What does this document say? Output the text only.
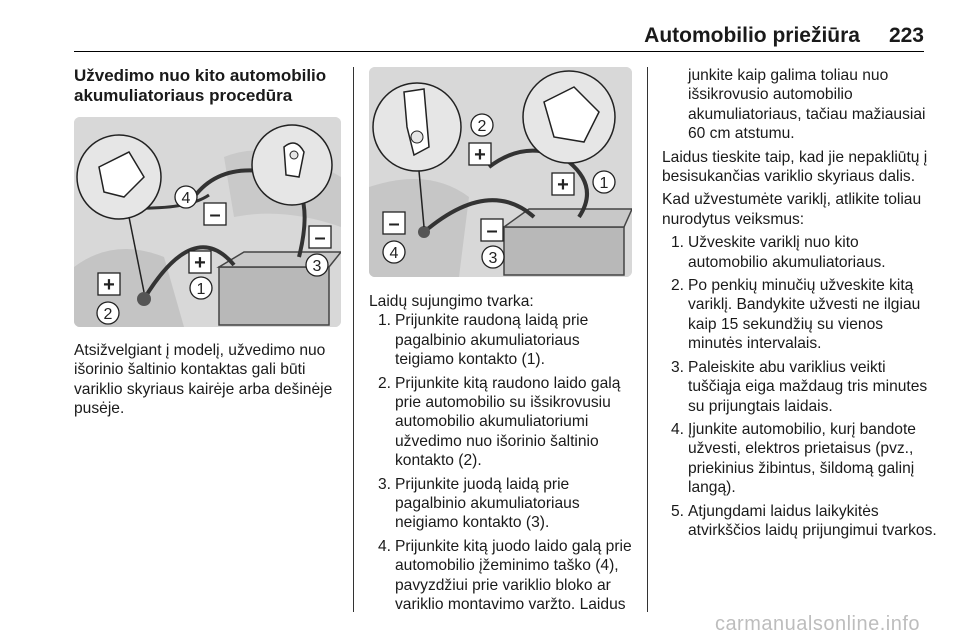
Automobilio priežiūra 223
Užvedimo nuo kito automobilio akumuliatoriaus procedūra
4
2
1
3
–
+
+
–

Atsižvelgiant į modelį, užvedimo nuo išorinio šaltinio kontaktas gali būti variklio skyriaus kairėje arba dešinėje pusėje.

2
1
4	3
+
+
–	–

Laidų sujungimo tvarka:

1. Prijunkite raudoną laidą prie pagalbinio akumuliatoriaus teigiamo kontakto (1).
2. Prijunkite kitą raudono laido galą prie automobilio su išsikrovusiu automobilio akumuliatoriumi užvedimo nuo išorinio šaltinio kontakto (2).
3. Prijunkite juodą laidą prie pagalbinio akumuliatoriaus neigiamo kontakto (3).
4. Prijunkite kitą juodo laido galą prie automobilio įžeminimo taško (4), pavyzdžiui prie variklio bloko ar variklio montavimo varžto. Laidus
junkite kaip galima toliau nuo išsikrovusio automobilio akumuliatoriaus, tačiau mažiausiai 60 cm atstumu.

Laidus tieskite taip, kad jie nepakliūtų į besisukančias variklio skyriaus dalis.

Kad užvestumėte variklį, atlikite toliau nurodytus veiksmus:

1. Užveskite variklį nuo kito automobilio akumuliatoriaus.
2. Po penkių minučių užveskite kitą variklį. Bandykite užvesti ne ilgiau kaip 15 sekundžių su vienos minutės intervalais.
3. Paleiskite abu variklius veikti tuščiąja eiga maždaug tris minutes su prijungtais laidais.
4. Įjunkite automobilio, kurį bandote užvesti, elektros prietaisus (pvz., priekinius žibintus, šildomą galinį langą).
5. Atjungdami laidus laikykitės atvirkščios laidų prijungimui tvarkos.
carmanualsonline.info
